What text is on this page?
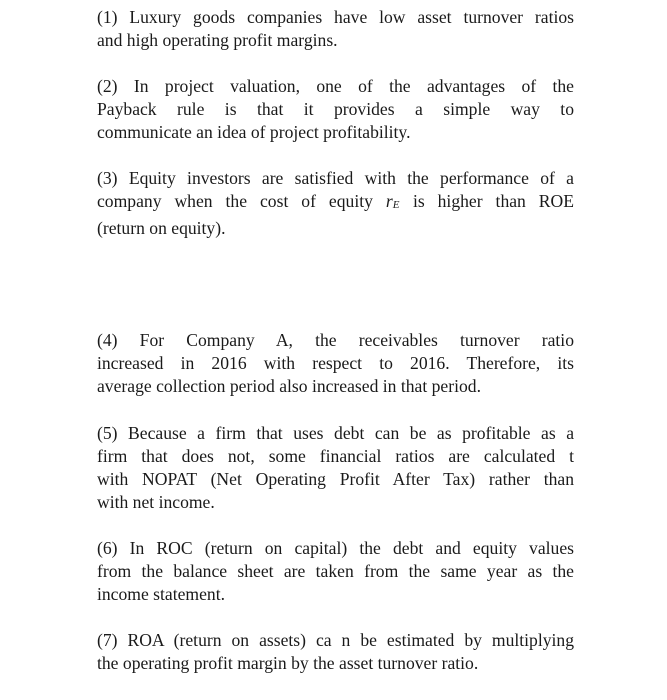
(1) Luxury goods companies have low asset turnover ratios
and high operating profit margins.

(2) In project valuation, one of the advantages of the
Payback rule is that it provides a simple way to
communicate an idea of project profitability.

(3) Equity investors are satisfied with the performance of a
company when the cost of equity rE is higher than ROE
(return on equity).

(4) For Company A, the receivables turnover ratio
increased in 2016 with respect to 2016. Therefore, its
average collection period also increased in that period.

(5) Because a firm that uses debt can be as profitable as a
firm that does not, some financial ratios are calculated t
with NOPAT (Net Operating Profit After Tax) rather than
with net income.

(6) In ROC (return on capital) the debt and equity values
from the balance sheet are taken from the same year as the
income statement.

(7) ROA (return on assets) ca n be estimated by multiplying
the operating profit margin by the asset turnover ratio.
